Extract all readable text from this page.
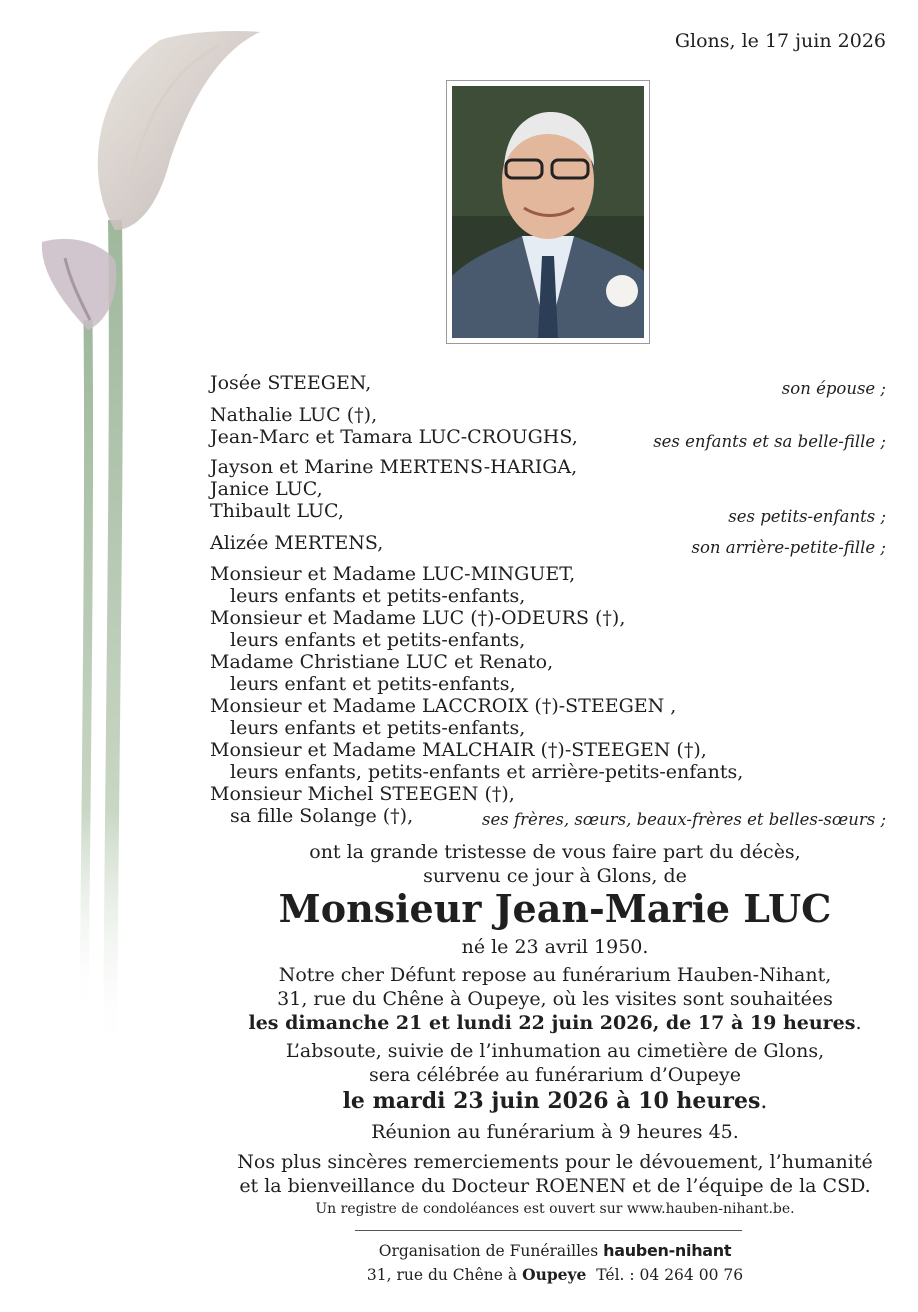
Glons, le 17 juin 2026
Josée STEEGEN,	son épouse ;
Nathalie LUC (†),
Jean-Marc et Tamara LUC-CROUGHS,	ses enfants et sa belle-fille ;
Jayson et Marine MERTENS-HARIGA,
Janice LUC,
Thibault LUC,	ses petits-enfants ;
Alizée MERTENS,	son arrière-petite-fille ;
Monsieur et Madame LUC-MINGUET,
leurs enfants et petits-enfants,
Monsieur et Madame LUC (†)-ODEURS (†),
leurs enfants et petits-enfants,
Madame Christiane LUC et Renato,
leurs enfant et petits-enfants,
Monsieur et Madame LACCROIX (†)-STEEGEN ,
leurs enfants et petits-enfants,
Monsieur et Madame MALCHAIR (†)-STEEGEN (†),
leurs enfants, petits-enfants et arrière-petits-enfants,
Monsieur Michel STEEGEN (†),
sa fille Solange (†),	ses frères, sœurs, beaux-frères et belles-sœurs ;
ont la grande tristesse de vous faire part du décès,
survenu ce jour à Glons, de
Monsieur Jean-Marie LUC
né le 23 avril 1950.
Notre cher Défunt repose au funérarium Hauben-Nihant,
31, rue du Chêne à Oupeye, où les visites sont souhaitées
les dimanche 21 et lundi 22 juin 2026, de 17 à 19 heures.
L’absoute, suivie de l’inhumation au cimetière de Glons,
sera célébrée au funérarium d’Oupeye
le mardi 23 juin 2026 à 10 heures.
Réunion au funérarium à 9 heures 45.
Nos plus sincères remerciements pour le dévouement, l’humanité
et la bienveillance du Docteur ROENEN et de l’équipe de la CSD.
Un registre de condoléances est ouvert sur www.hauben-nihant.be.
Organisation de Funérailles hauben-nihant
31, rue du Chêne à Oupeye Tél. : 04 264 00 76
